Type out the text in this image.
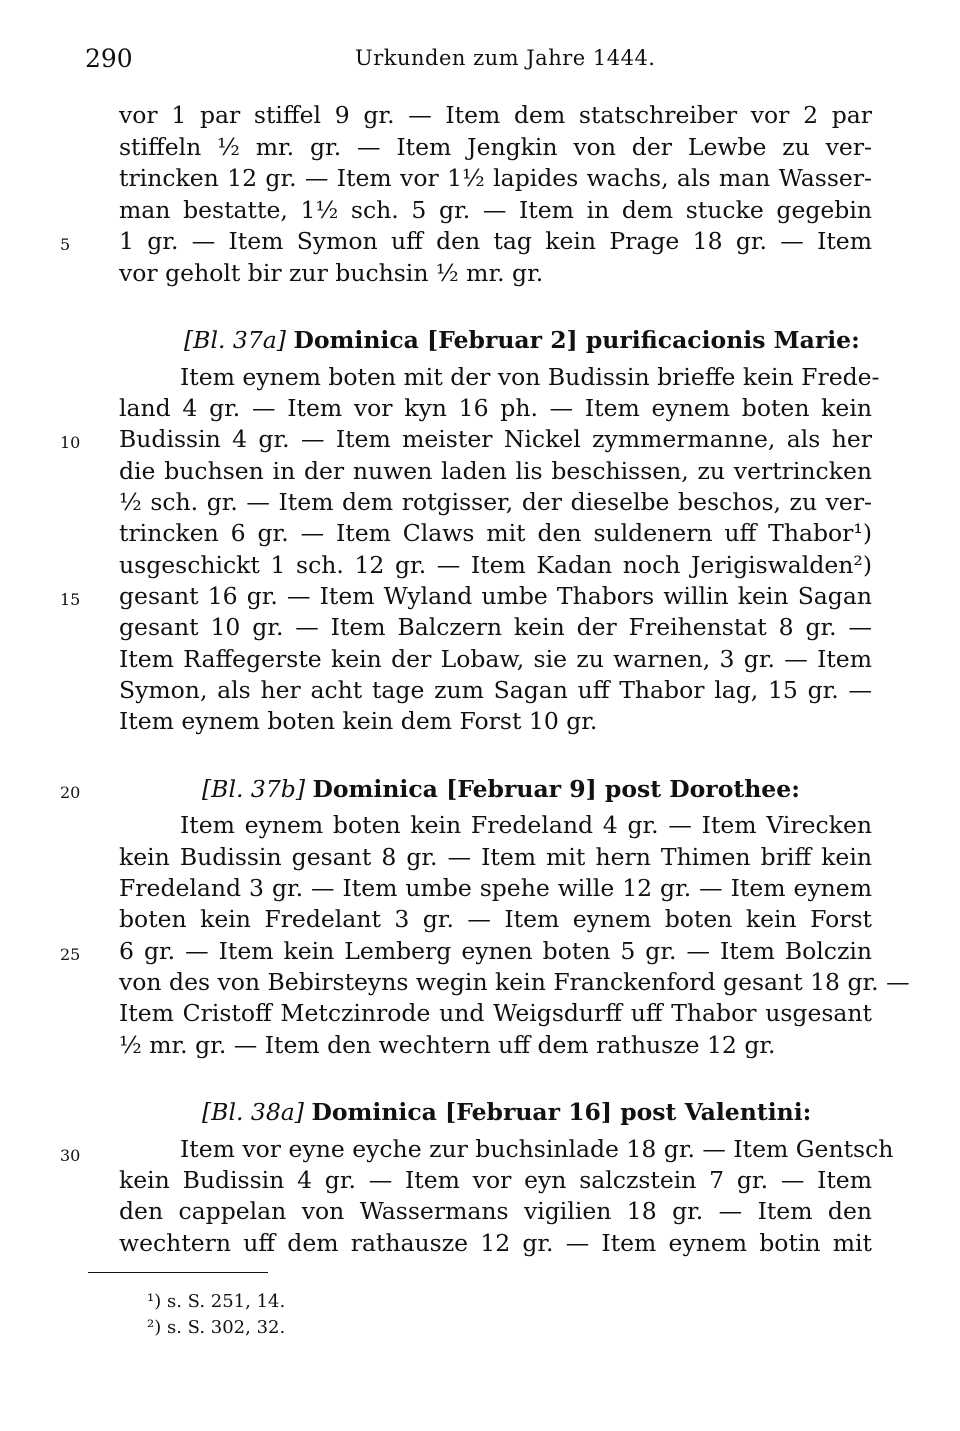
290	Urkunden zum Jahre 1444.
vor 1 par stiffel 9 gr. — Item dem statschreiber vor 2 par
stiffeln ½ mr. gr. — Item Jengkin von der Lewbe zu ver-
trincken 12 gr. — Item vor 1½ lapides wachs, als man Wasser-
man bestatte, 1½ sch. 5 gr. — Item in dem stucke gegebin
1 gr. — Item Symon uff den tag kein Prage 18 gr. — Item
vor geholt bir zur buchsin ½ mr. gr.
5
[Bl. 37a] Dominica [Februar 2] purificacionis Marie:
Item eynem boten mit der von Budissin brieffe kein Frede-
land 4 gr. — Item vor kyn 16 ph. — Item eynem boten kein
Budissin 4 gr. — Item meister Nickel zymmermanne, als her
die buchsen in der nuwen laden lis beschissen, zu vertrincken
½ sch. gr. — Item dem rotgisser, der dieselbe beschos, zu ver-
trincken 6 gr. — Item Claws mit den suldenern uff Thabor¹)
usgeschickt 1 sch. 12 gr. — Item Kadan noch Jerigiswalden²)
gesant 16 gr. — Item Wyland umbe Thabors willin kein Sagan
gesant 10 gr. — Item Balczern kein der Freihenstat 8 gr. —
Item Raffegerste kein der Lobaw, sie zu warnen, 3 gr. — Item
Symon, als her acht tage zum Sagan uff Thabor lag, 15 gr. —
Item eynem boten kein dem Forst 10 gr.
10
15
[Bl. 37b] Dominica [Februar 9] post Dorothee:
20
Item eynem boten kein Fredeland 4 gr. — Item Virecken
kein Budissin gesant 8 gr. — Item mit hern Thimen briff kein
Fredeland 3 gr. — Item umbe spehe wille 12 gr. — Item eynem
boten kein Fredelant 3 gr. — Item eynem boten kein Forst
6 gr. — Item kein Lemberg eynen boten 5 gr. — Item Bolczin
von des von Bebirsteyns wegin kein Franckenford gesant 18 gr. —
Item Cristoff Metczinrode und Weigsdurff uff Thabor usgesant
½ mr. gr. — Item den wechtern uff dem rathusze 12 gr.
25
[Bl. 38a] Dominica [Februar 16] post Valentini:
Item vor eyne eyche zur buchsinlade 18 gr. — Item Gentsch
kein Budissin 4 gr. — Item vor eyn salczstein 7 gr. — Item
den cappelan von Wassermans vigilien 18 gr. — Item den
wechtern uff dem rathausze 12 gr. — Item eynem botin mit
30
¹) s. S. 251, 14.
²) s. S. 302, 32.
